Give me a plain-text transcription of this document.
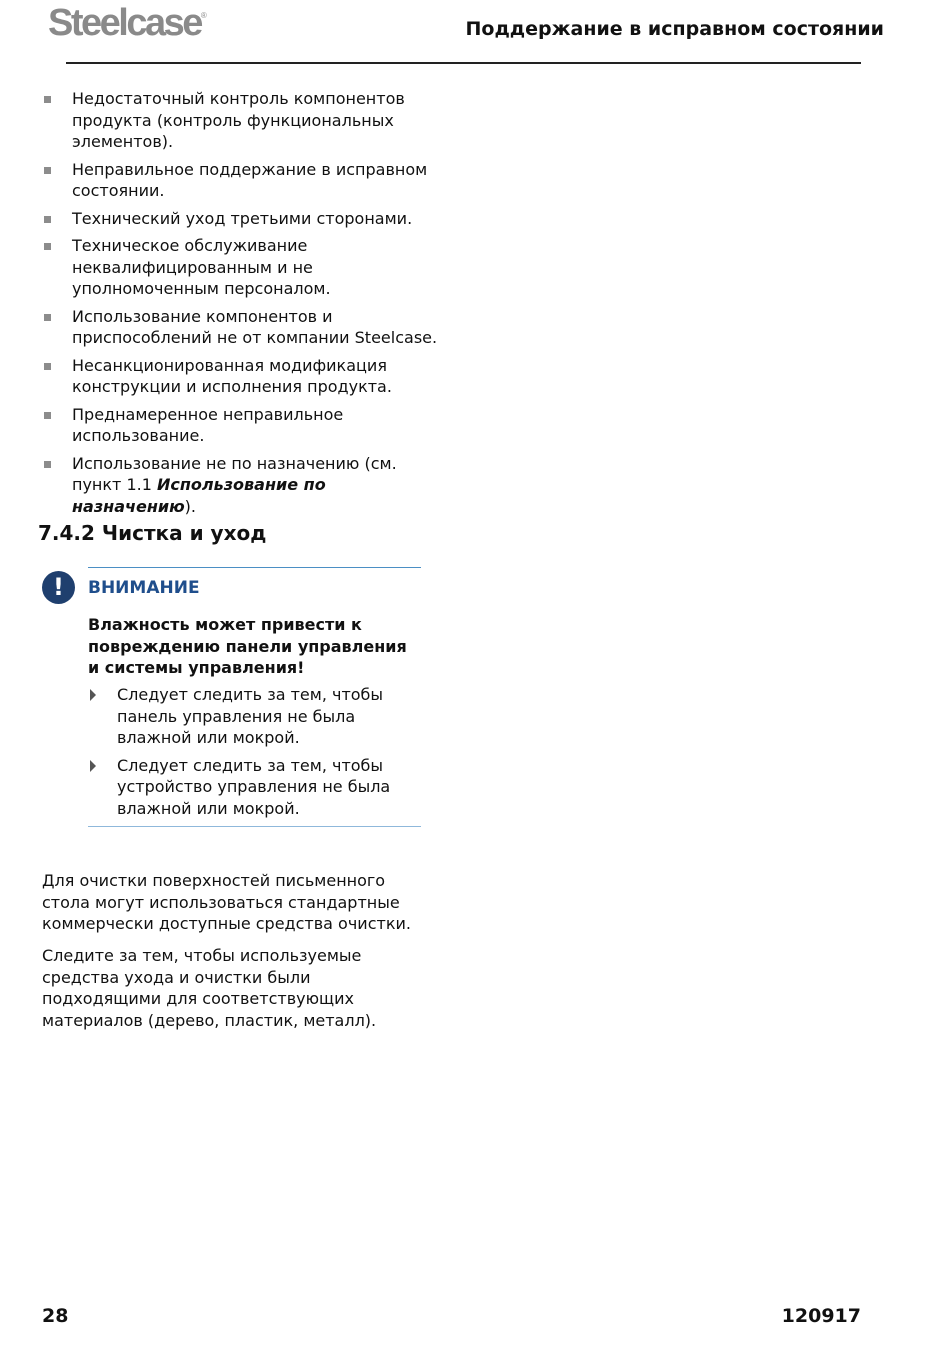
Steelcase®
Поддержание в исправном состоянии
Недостаточный контроль компонентов продукта (контроль функциональных элементов).
Неправильное поддержание в исправном состоянии.
Технический уход третьими сторонами.
Техническое обслуживание неквалифицированным и не уполномоченным персоналом.
Использование компонентов и приспособлений не от компании Steelcase.
Несанкционированная модификация конструкции и исполнения продукта.
Преднамеренное неправильное использование.
Использование не по назначению (см. пункт 1.1 Использование по назначению).
7.4.2 Чистка и уход
!	ВНИМАНИЕ
Влажность может привести к повреждению панели управления и системы управления!
Следует следить за тем, чтобы панель управления не была влажной или мокрой.
Следует следить за тем, чтобы устройство управления не была влажной или мокрой.
Для очистки поверхностей письменного стола могут использоваться стандартные коммерчески доступные средства очистки.
Следите за тем, чтобы используемые средства ухода и очистки были подходящими для соответствующих материалов (дерево, пластик, металл).
28	120917
